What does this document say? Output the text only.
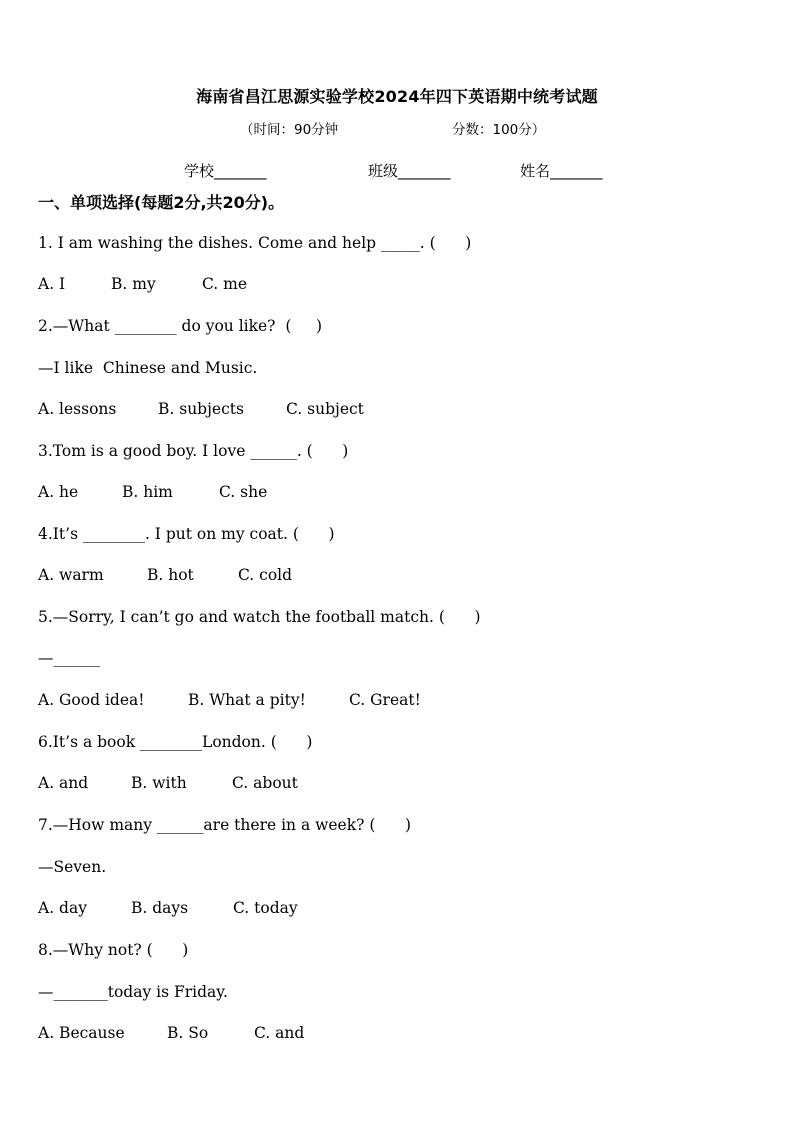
海南省昌江思源实验学校2024年四下英语期中统考试题
（时间：90分钟	分数：100分）
学校_______	班级_______	姓名_______
一、单项选择(每题2分,共20分)。
1. I am washing the dishes. Come and help _____. (      )
A. I	B. my	C. me
2.—What ________ do you like?  (     )
—I like  Chinese and Music.
A. lessons	B. subjects	C. subject
3.Tom is a good boy. I love ______. (      )
A. he	B. him	C. she
4.It’s ________. I put on my coat. (      )
A. warm	B. hot	C. cold
5.—Sorry, I can’t go and watch the football match. (      )
—______
A. Good idea!	B. What a pity!	C. Great!
6.It’s a book ________London. (      )
A. and	B. with	C. about
7.—How many ______are there in a week? (      )
—Seven.
A. day	B. days	C. today
8.—Why not? (      )
—_______today is Friday.
A. Because	B. So	C. and
